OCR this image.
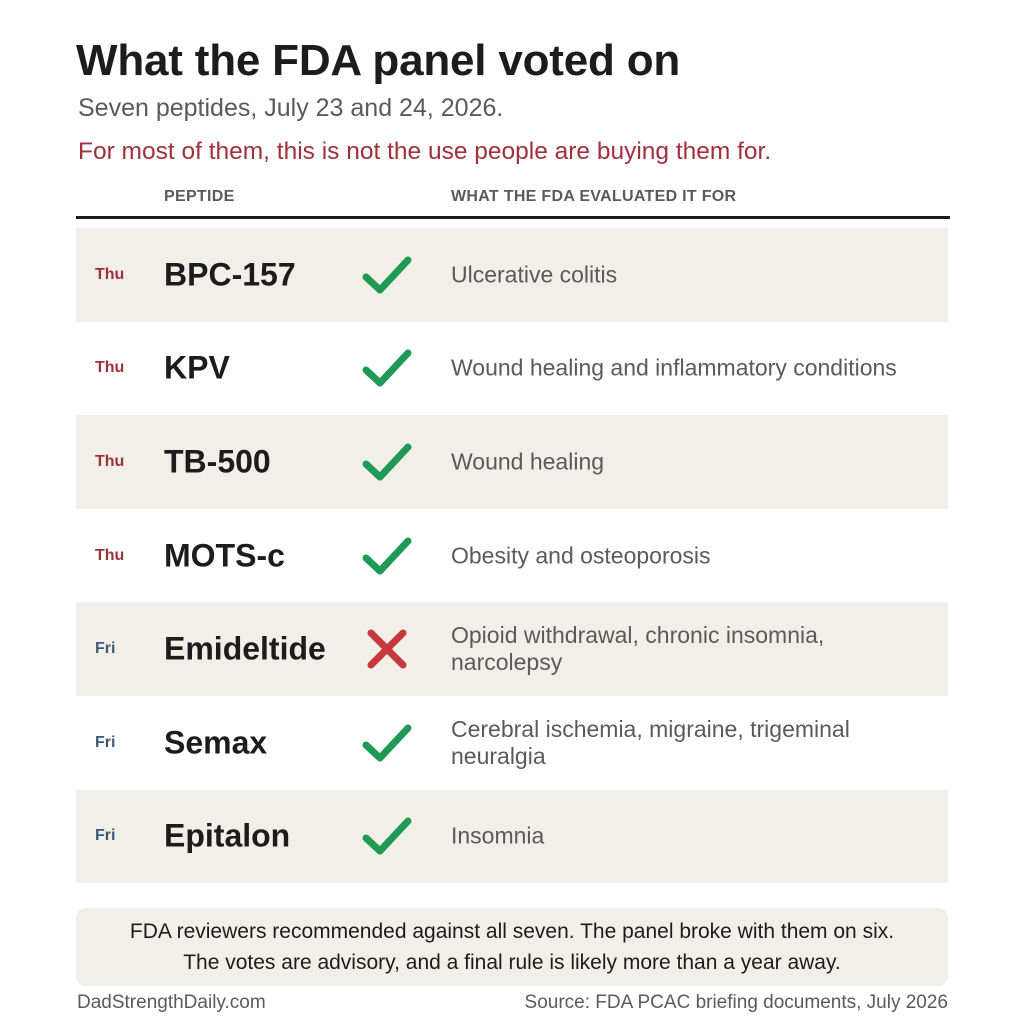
What the FDA panel voted on
Seven peptides, July 23 and 24, 2026.
For most of them, this is not the use people are buying them for.
PEPTIDE	WHAT THE FDA EVALUATED IT FOR
Thu BPC-157	Ulcerative colitis
Thu KPV	Wound healing and inflammatory conditions
Thu TB-500	Wound healing
Thu MOTS-c	Obesity and osteoporosis
Fri Emideltide	Opioid withdrawal, chronic insomnia, narcolepsy
Fri Semax	Cerebral ischemia, migraine, trigeminal neuralgia
Fri Epitalon	Insomnia
FDA reviewers recommended against all seven. The panel broke with them on six.
The votes are advisory, and a final rule is likely more than a year away.
DadStrengthDaily.com	Source: FDA PCAC briefing documents, July 2026
